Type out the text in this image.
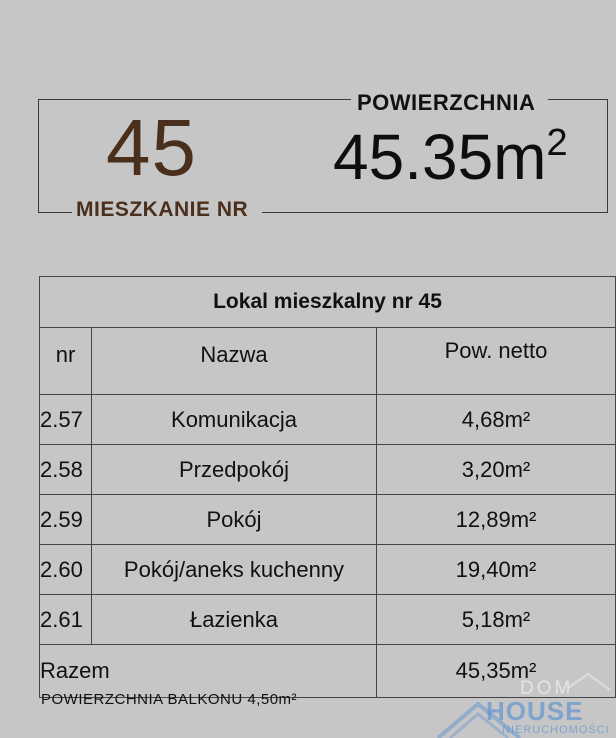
45
MIESZKANIE NR
POWIERZCHNIA
$45.35m^2$
Lokal mieszkalny nr 45		
nr	Nazwa	Pow. netto
2.57	Komunikacja	4,68m²
2.58	Przedpokój	3,20m²
2.59	Pokój	12,89m²
2.60	Pokój/aneks kuchenny	19,40m²
2.61	Łazienka	5,18m²
Razem		45,35m²
POWIERZCHNIA BALKONU 4,50m²
DOM
HOUSE
NIERUCHOMOŚCI
